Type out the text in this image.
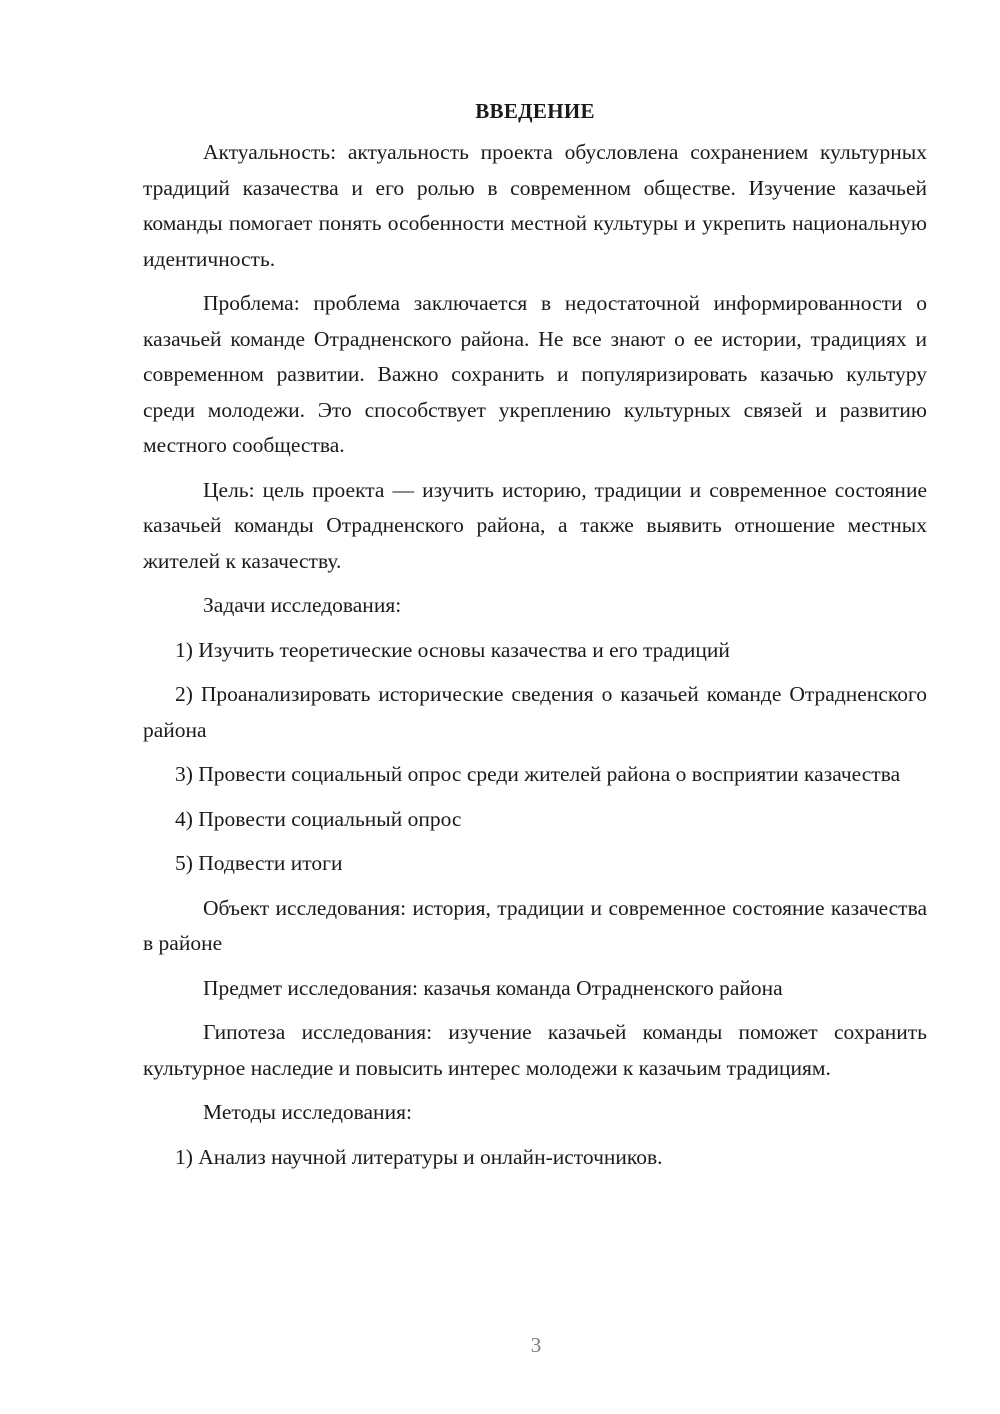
ВВЕДЕНИЕ

Актуальность: актуальность проекта обусловлена сохранением культурных традиций казачества и его ролью в современном обществе. Изучение казачьей команды помогает понять особенности местной культуры и укрепить национальную идентичность.

Проблема: проблема заключается в недостаточной информированности о казачьей команде Отрадненского района. Не все знают о ее истории, традициях и современном развитии. Важно сохранить и популяризировать казачью культуру среди молодежи. Это способствует укреплению культурных связей и развитию местного сообщества.

Цель: цель проекта — изучить историю, традиции и современное состояние казачьей команды Отрадненского района, а также выявить отношение местных жителей к казачеству.

Задачи исследования:

1) Изучить теоретические основы казачества и его традиций

2) Проанализировать исторические сведения о казачьей команде Отрадненского района

3) Провести социальный опрос среди жителей района о восприятии казачества

4) Провести социальный опрос

5) Подвести итоги

Объект исследования: история, традиции и современное состояние казачества в районе

Предмет исследования: казачья команда Отрадненского района

Гипотеза исследования: изучение казачьей команды поможет сохранить культурное наследие и повысить интерес молодежи к казачьим традициям.

Методы исследования:

1) Анализ научной литературы и онлайн-источников.

3
